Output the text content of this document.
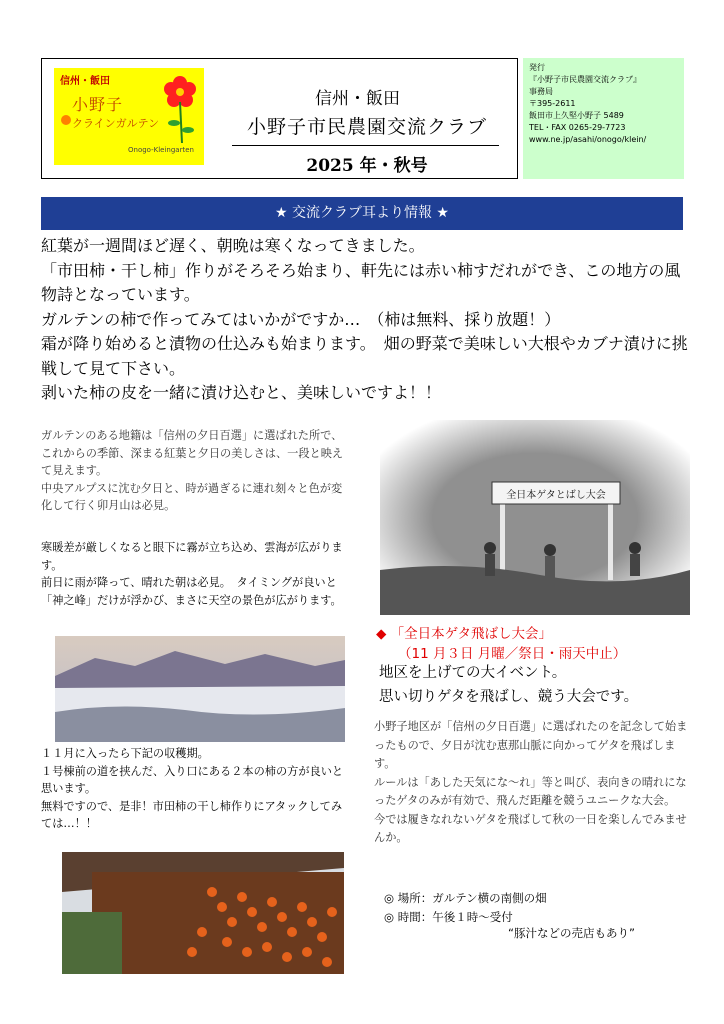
信州・飯田
小野子
クラインガルテン
Onogo-Kleingarten
信州・飯田
小野子市民農園交流クラブ
2025 年・秋号
発行
『小野子市民農園交流クラブ』
事務局
〒395-2611
飯田市上久堅小野子 5489
TEL・FAX 0265-29-7723
www.ne.jp/asahi/onogo/klein/
★ 交流クラブ耳より情報 ★

紅葉が一週間ほど遅く、朝晩は寒くなってきました。

「市田柿・干し柿」作りがそろそろ始まり、軒先には赤い柿すだれができ、この地方の風物詩となっています。

ガルテンの柿で作ってみてはいかがですか…　（柿は無料、採り放題！）

霜が降り始めると漬物の仕込みも始まります。　畑の野菜で美味しい大根やカブナ漬けに挑戦して見て下さい。

剥いた柿の皮を一緒に漬け込むと、美味しいですよ！！

ガルテンのある地籍は「信州の夕日百選」に選ばれた所で、これからの季節、深まる紅葉と夕日の美しさは、一段と映えて見えます。

中央アルプスに沈む夕日と、時が過ぎるに連れ刻々と色が変化して行く卯月山は必見。

寒暖差が厳しくなると眼下に霧が立ち込め、雲海が広がります。

前日に雨が降って、晴れた朝は必見。　タイミングが良いと「神之峰」だけが浮かび、まさに天空の景色が広がります。

１１月に入ったら下記の収穫期。

１号棟前の道を挟んだ、入り口にある２本の柿の方が良いと思います。

無料ですので、是非！市田柿の干し柿作りにアタックしてみては…！！

全日本ゲタとばし大会
◆ 「全日本ゲタ飛ばし大会」
（11 月３日 月曜／祭日・雨天中止）

地区を上げての大イベント。

思い切りゲタを飛ばし、競う大会です。

小野子地区が「信州の夕日百選」に選ばれたのを記念して始まったもので、夕日が沈む恵那山脈に向かってゲタを飛ばします。

ルールは「あした天気にな〜れ」等と叫び、表向きの晴れになったゲタのみが有効で、飛んだ距離を競うユニークな大会。

今では履きなれないゲタを飛ばして秋の一日を楽しんでみませんか。

◎ 場所：ガルテン横の南側の畑

◎ 時間：午後１時～受付

“豚汁などの売店もあり”
